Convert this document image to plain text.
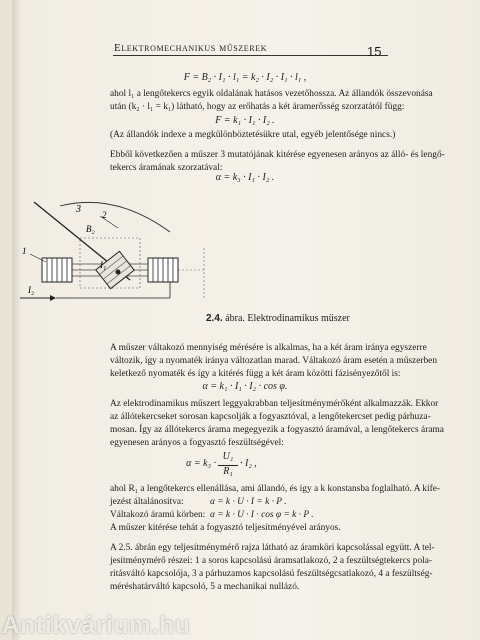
Elektromechanikus műszerek	15
F = B₂ · I₁ · l₁ = k₂ · I₂ · I₁ · l₁ ,
ahol l₁ a lengőtekercs egyik oldalának hatásos vezetőhossza. Az állandók összevonása
után (k₂ · l₁ = k₁) látható, hogy az erőhatás a két áramerősség szorzatától függ:
F = k₁ · I₁ · I₂ .
(Az állandók indexe a megkülönböztetésükre utal, egyéb jelentősége nincs.)
Ebből következően a műszer 3 mutatójának kitérése egyenesen arányos az álló- és lengő-
tekercs áramának szorzatával:
α = k₃ · I₁ · I₂ .
3 2
B₂
1
I₁
I₂
2.4. ábra. Elektrodinamikus műszer
A műszer váltakozó mennyiség mérésére is alkalmas, ha a két áram iránya egyszerre
változik, így a nyomaték iránya változatlan marad. Váltakozó áram esetén a műszerben
keletkező nyomaték és így a kitérés függ a két áram közötti fázisényezőtől is:
α = k₁ · I₁ · I₂ · cos φ.
Az elektrodinamikus műszert leggyakrabban teljesítménymérőként alkalmazzák. Ekkor
az állótekercseket sorosan kapcsolják a fogyasztóval, a lengőtekercset pedig párhuza-
mosan. Így az állótekercs árama megegyezik a fogyasztó áramával, a lengőtekercs árama
egyenesen arányos a fogyasztó feszültségével:
α = k₃ ·
U₁
R₁
· I₂ ,
ahol R₁ a lengőtekercs ellenállása, ami állandó, és így a k konstansba foglalható. A kife-
jezést általánosítva:	α = k · U · I = k · P .
Váltakozó áramú körben: α = k · U · I · cos φ = k · P .
A műszer kitérése tehát a fogyasztó teljesítményével arányos.
A 2.5. ábrán egy teljesítménymérő rajza látható az áramköri kapcsolással együtt. A tel-
jesítménymérő részei: 1 a soros kapcsolású áramsatlakozó, 2 a feszültségtekercs pola-
ritásváltó kapcsolója, 3 a párhuzamos kapcsolású feszültségcsatlakozó, 4 a feszültség-
méréshatárváltó kapcsoló, 5 a mechanikai nullázó.
Antikvárium.hu
